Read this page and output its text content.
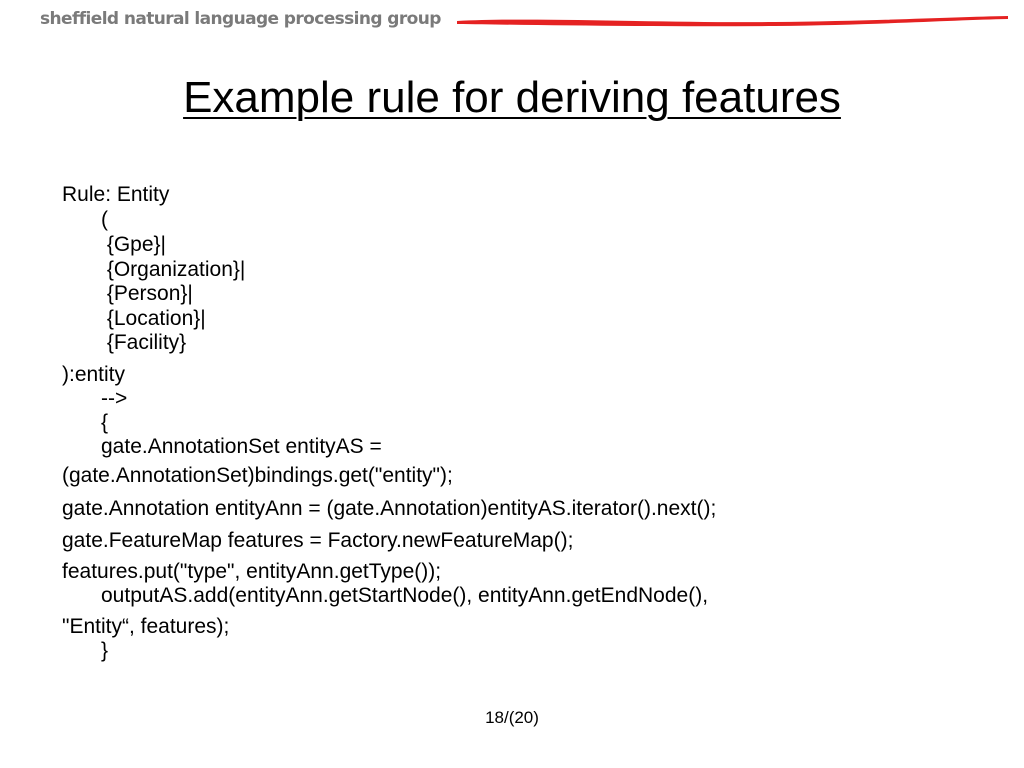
sheffield natural language processing group
Example rule for deriving features
Rule: Entity
(
{Gpe}|
{Organization}|
{Person}|
{Location}|
{Facility}
):entity
-->
{
gate.AnnotationSet entityAS =
(gate.AnnotationSet)bindings.get("entity");
gate.Annotation entityAnn = (gate.Annotation)entityAS.iterator().next();
gate.FeatureMap features = Factory.newFeatureMap();
features.put("type", entityAnn.getType());
outputAS.add(entityAnn.getStartNode(), entityAnn.getEndNode(),
"Entity“, features);
}
18/(20)
